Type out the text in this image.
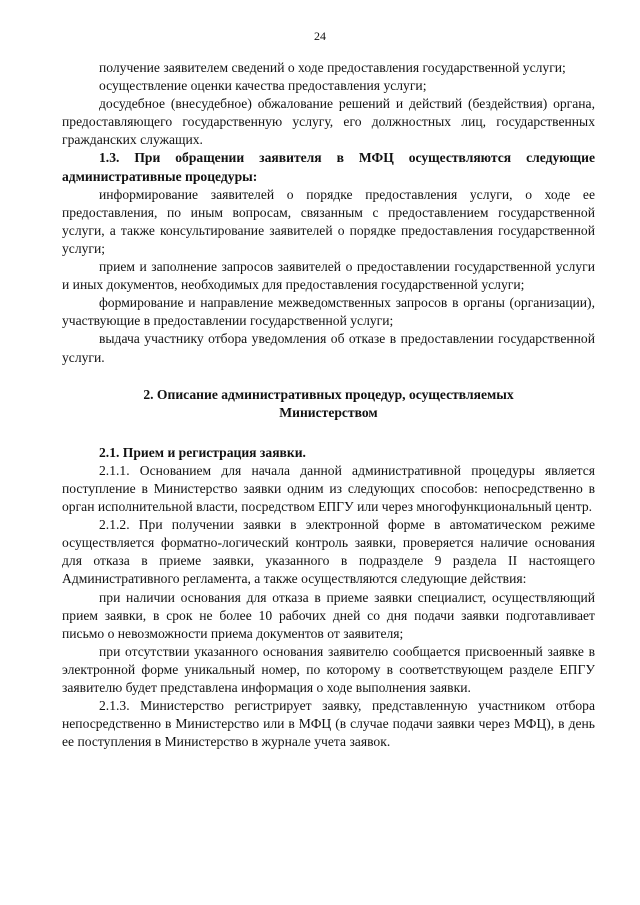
24

получение заявителем сведений о ходе предоставления государственной услуги;

осуществление оценки качества предоставления услуги;

досудебное (внесудебное) обжалование решений и действий (бездействия) органа, предоставляющего государственную услугу, его должностных лиц, государственных гражданских служащих.

1.3. При обращении заявителя в МФЦ осуществляются следующие административные процедуры:

информирование заявителей о порядке предоставления услуги, о ходе ее предоставления, по иным вопросам, связанным с предоставлением государственной услуги, а также консультирование заявителей о порядке предоставления государственной услуги;

прием и заполнение запросов заявителей о предоставлении государственной услуги и иных документов, необходимых для предоставления государственной услуги;

формирование и направление межведомственных запросов в органы (организации), участвующие в предоставлении государственной услуги;

выдача участнику отбора уведомления об отказе в предоставлении государственной услуги.

2. Описание административных процедур, осуществляемых
Министерством

2.1. Прием и регистрация заявки.

2.1.1. Основанием для начала данной административной процедуры является поступление в Министерство заявки одним из следующих способов: непосредственно в орган исполнительной власти, посредством ЕПГУ или через многофункциональный центр.

2.1.2. При получении заявки в электронной форме в автоматическом режиме осуществляется форматно-логический контроль заявки, проверяется наличие основания для отказа в приеме заявки, указанного в подразделе 9 раздела II настоящего Административного регламента, а также осуществляются следующие действия:

при наличии основания для отказа в приеме заявки специалист, осуществляющий прием заявки, в срок не более 10 рабочих дней со дня подачи заявки подготавливает письмо о невозможности приема документов от заявителя;

при отсутствии указанного основания заявителю сообщается присвоенный заявке в электронной форме уникальный номер, по которому в соответствующем разделе ЕПГУ заявителю будет представлена информация о ходе выполнения заявки.

2.1.3. Министерство регистрирует заявку, представленную участником отбора непосредственно в Министерство или в МФЦ (в случае подачи заявки через МФЦ), в день ее поступления в Министерство в журнале учета заявок.
